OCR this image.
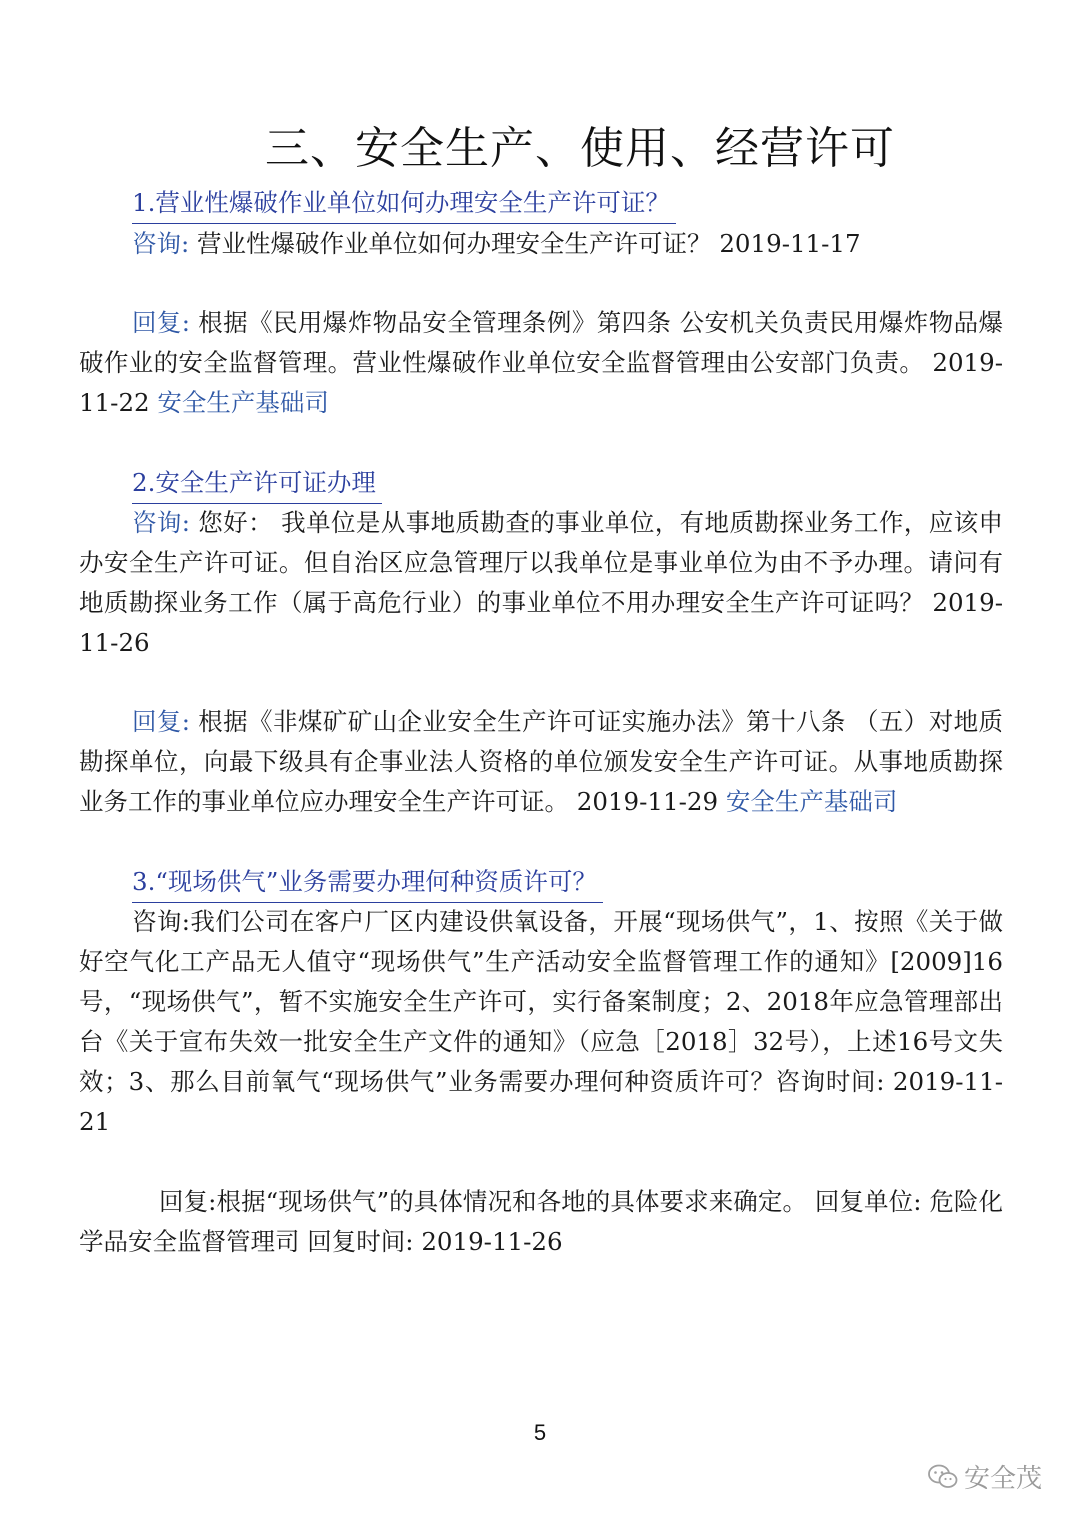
三、安全生产、使用、经营许可
1.营业性爆破作业单位如何办理安全生产许可证？
咨询: 营业性爆破作业单位如何办理安全生产许可证？ 2019-11-17
回复: 根据《民用爆炸物品安全管理条例》第四条 公安机关负责民用爆炸物品爆破作业的安全监督管理。营业性爆破作业单位安全监督管理由公安部门负责。 2019-11-22 安全生产基础司
2.安全生产许可证办理
咨询: 您好： 我单位是从事地质勘查的事业单位，有地质勘探业务工作，应该申办安全生产许可证。但自治区应急管理厅以我单位是事业单位为由不予办理。请问有地质勘探业务工作（属于高危行业）的事业单位不用办理安全生产许可证吗？ 2019-11-26
回复: 根据《非煤矿矿山企业安全生产许可证实施办法》第十八条 （五）对地质勘探单位，向最下级具有企事业法人资格的单位颁发安全生产许可证。从事地质勘探业务工作的事业单位应办理安全生产许可证。 2019-11-29 安全生产基础司
3.“现场供气”业务需要办理何种资质许可？
咨询:我们公司在客户厂区内建设供氧设备，开展“现场供气”，1、按照《关于做好空气化工产品无人值守“现场供气”生产活动安全监督管理工作的通知》[2009]16号，“现场供气”，暂不实施安全生产许可，实行备案制度；2、2018年应急管理部出台《关于宣布失效一批安全生产文件的通知》（应急［2018］32号），上述16号文失效；3、那么目前氧气“现场供气”业务需要办理何种资质许可？咨询时间: 2019-11-21
回复:根据“现场供气”的具体情况和各地的具体要求来确定。 回复单位: 危险化学品安全监督管理司 回复时间: 2019-11-26
5
安全茂
